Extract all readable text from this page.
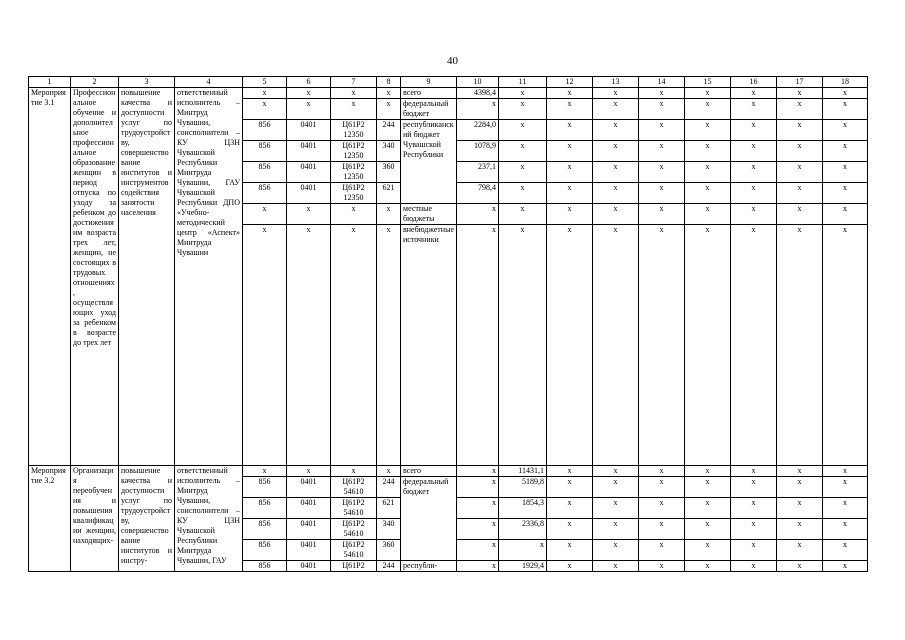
40
1	2	3	4	5	6	7	8	9	10	11	12	13	14	15	16	17	18
Мероприятие 3.1	Профессиональное обучение и дополнительное профессиональное образование женщин в период отпуска по уходу за ребенком до достижения им возраста трех лет, женщин, не состоящих в трудовых отношениях, осуществляющих уход за ребенком в возрасте до трех лет	повышение качества и доступности услуг по трудоустройству, совершенствование институтов и инструментов содействия занятости населения	ответственный исполнитель – Минтруд Чувашии, соисполнители – КУ ЦЗН Чувашской Республики Минтруда Чувашии, ГАУ Чувашской Республики ДПО «Учебно-методический центр «Аспект» Минтруда Чувашии	x	x	x	x	всего	4398,4	x	x	x	x	x	x	x	x
				x	x	x	x	федеральный бюджет	x	x	x	x	x	x	x	x	x
				856	0401	Ц61Р2 12350	244	республиканский бюджет Чувашской Республики	2284,0	x	x	x	x	x	x	x	x
				856	0401	Ц61Р2 12350	340		1078,9	x	x	x	x	x	x	x	x
				856	0401	Ц61Р2 12350	360		237,1	x	x	x	x	x	x	x	x
				856	0401	Ц61Р2 12350	621		798,4	x	x	x	x	x	x	x	x
				x	x	x	x	местные бюджеты	x	x	x	x	x	x	x	x	x
				x	x	x	x	внебюджетные источники	x	x	x	x	x	x	x	x	x
Мероприятие 3.2	Организация переобучения и повышения квалификации женщин, находящих-	повышение качества и доступности услуг по трудоустройству, совершенствование институтов и инстру-	ответственный исполнитель – Минтруд Чувашии, соисполнители – КУ ЦЗН Чувашской Республики Минтруда Чувашии, ГАУ	x	x	x	x	всего	x	11431,1	x	x	x	x	x	x	x
				856	0401	Ц61Р2 54610	244	федеральный бюджет	x	5189,8	x	x	x	x	x	x	x
				856	0401	Ц61Р2 54610	621		x	1854,3	x	x	x	x	x	x	x
				856	0401	Ц61Р2 54610	340		x	2336,8	x	x	x	x	x	x	x
				856	0401	Ц61Р2 54610	360		x	x	x	x	x	x	x	x	x
				856	0401	Ц61Р2	244	республи-	x	1929,4	x	x	x	x	x	x	x
